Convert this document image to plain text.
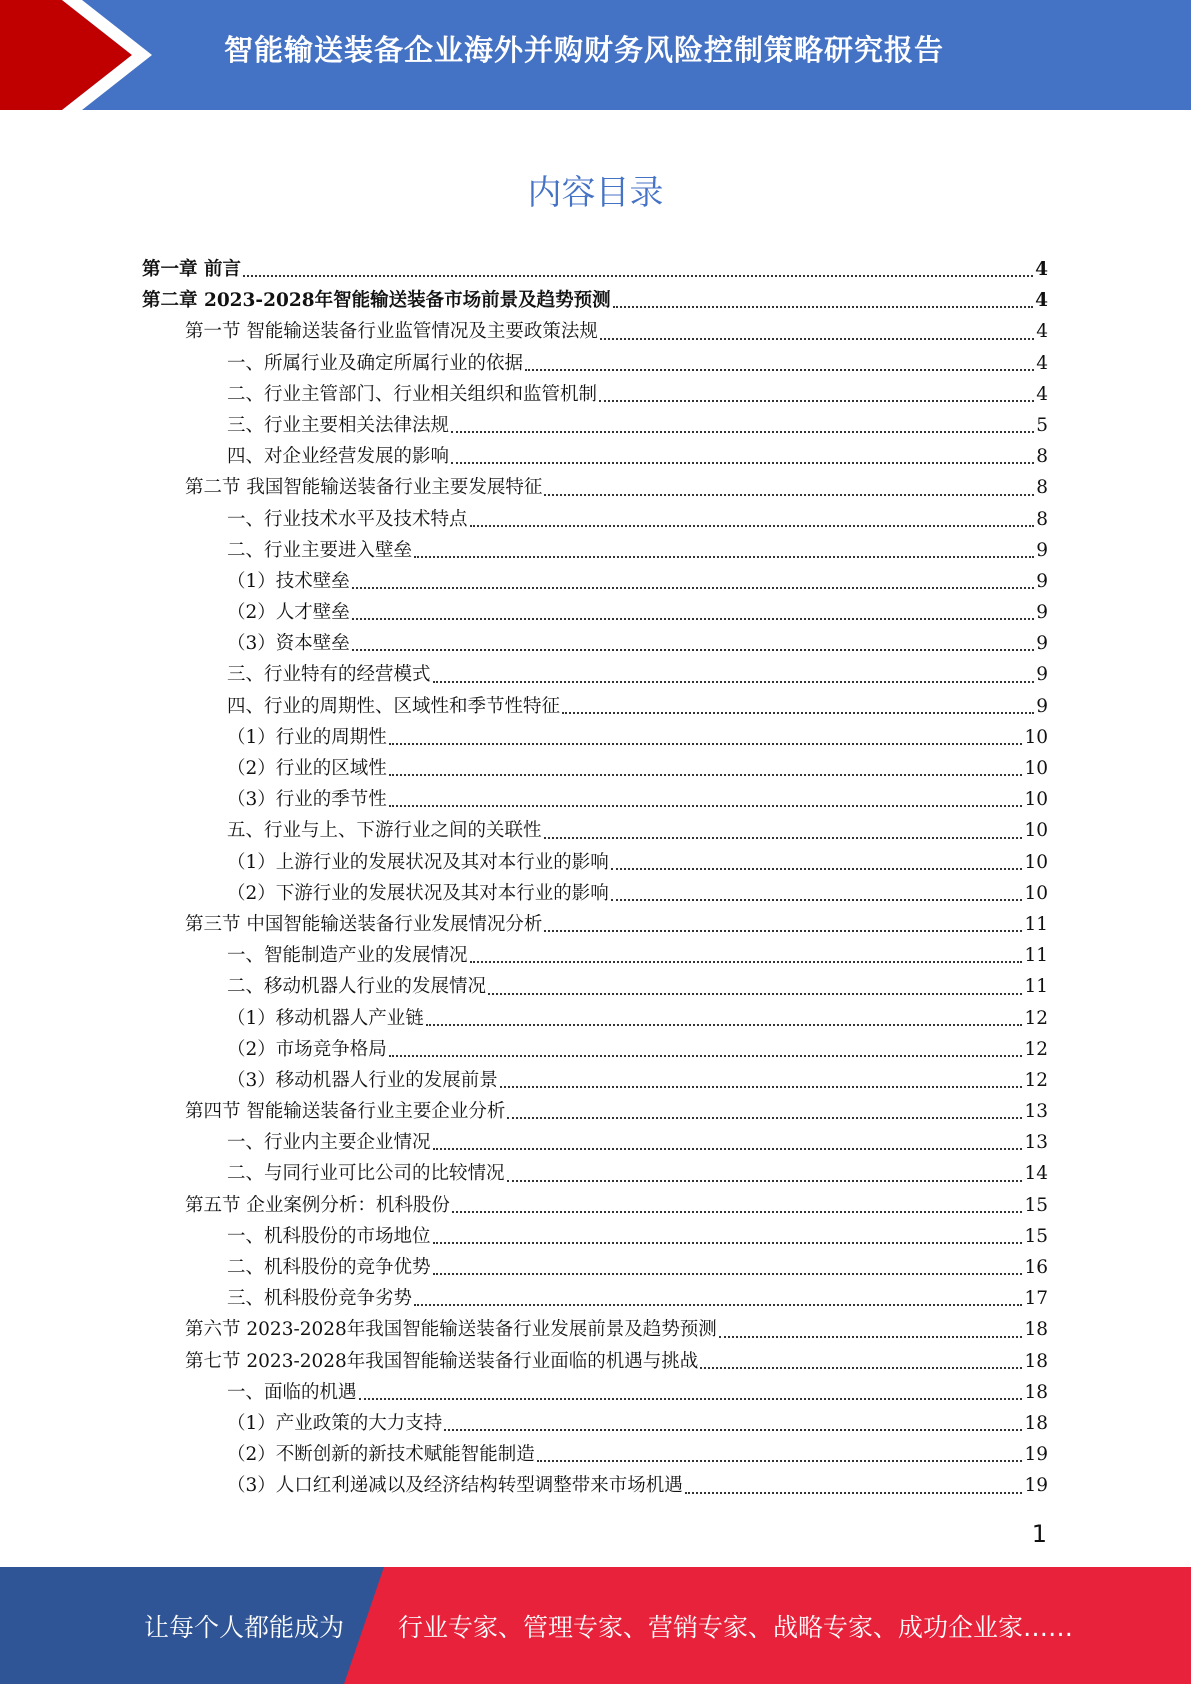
智能输送装备企业海外并购财务风险控制策略研究报告
内容目录
第一章 前言	4
第二章 2023-2028年智能输送装备市场前景及趋势预测	4
第一节 智能输送装备行业监管情况及主要政策法规	4
一、所属行业及确定所属行业的依据	4
二、行业主管部门、行业相关组织和监管机制	4
三、行业主要相关法律法规	5
四、对企业经营发展的影响	8
第二节 我国智能输送装备行业主要发展特征	8
一、行业技术水平及技术特点	8
二、行业主要进入壁垒	9
（1）技术壁垒	9
（2）人才壁垒	9
（3）资本壁垒	9
三、行业特有的经营模式	9
四、行业的周期性、区域性和季节性特征	9
（1）行业的周期性	10
（2）行业的区域性	10
（3）行业的季节性	10
五、行业与上、下游行业之间的关联性	10
（1）上游行业的发展状况及其对本行业的影响	10
（2）下游行业的发展状况及其对本行业的影响	10
第三节 中国智能输送装备行业发展情况分析	11
一、智能制造产业的发展情况	11
二、移动机器人行业的发展情况	11
（1）移动机器人产业链	12
（2）市场竞争格局	12
（3）移动机器人行业的发展前景	12
第四节 智能输送装备行业主要企业分析	13
一、行业内主要企业情况	13
二、与同行业可比公司的比较情况	14
第五节 企业案例分析：机科股份	15
一、机科股份的市场地位	15
二、机科股份的竞争优势	16
三、机科股份竞争劣势	17
第六节 2023-2028年我国智能输送装备行业发展前景及趋势预测	18
第七节 2023-2028年我国智能输送装备行业面临的机遇与挑战	18
一、面临的机遇	18
（1）产业政策的大力支持	18
（2）不断创新的新技术赋能智能制造	19
（3）人口红利递减以及经济结构转型调整带来市场机遇	19
1
让每个人都能成为 行业专家、管理专家、营销专家、战略专家、成功企业家……
